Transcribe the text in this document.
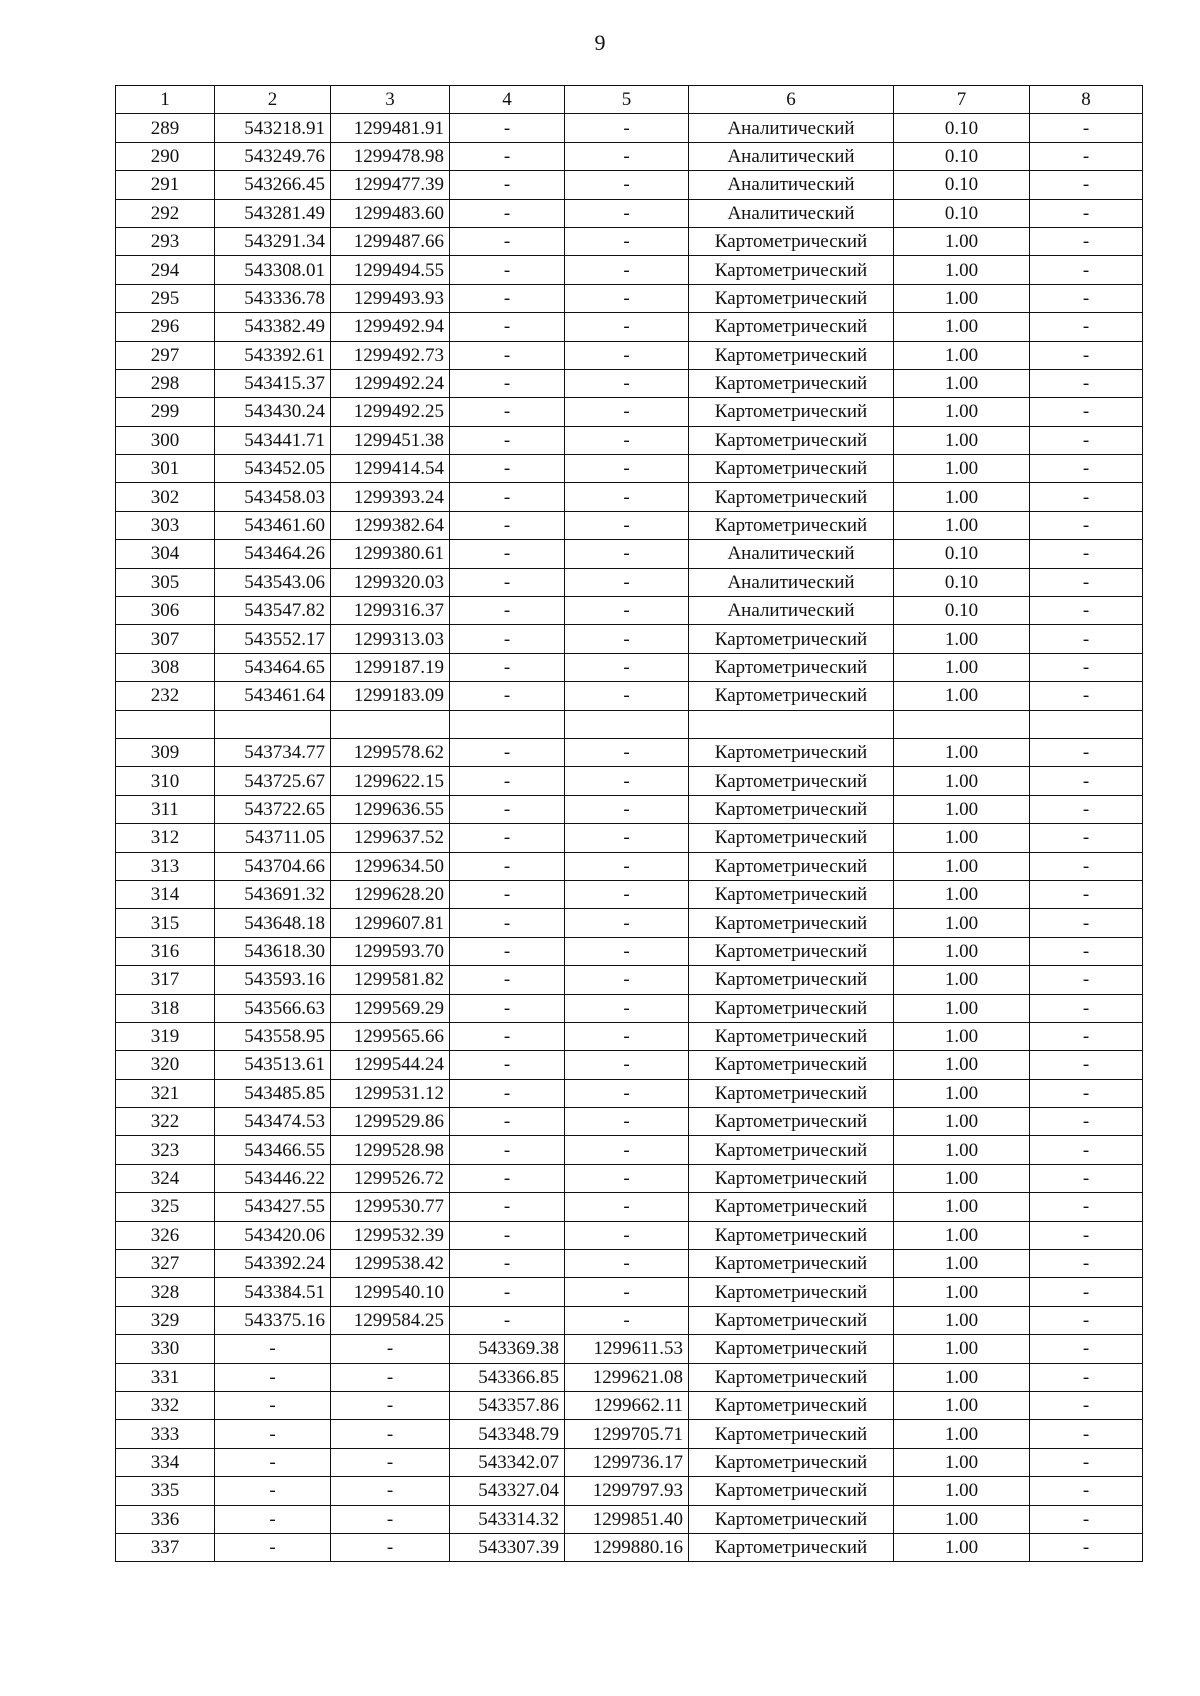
9
1	2	3	4	5	6	7	8
289	543218.91	1299481.91	-	-	Аналитический	0.10	-
290	543249.76	1299478.98	-	-	Аналитический	0.10	-
291	543266.45	1299477.39	-	-	Аналитический	0.10	-
292	543281.49	1299483.60	-	-	Аналитический	0.10	-
293	543291.34	1299487.66	-	-	Картометрический	1.00	-
294	543308.01	1299494.55	-	-	Картометрический	1.00	-
295	543336.78	1299493.93	-	-	Картометрический	1.00	-
296	543382.49	1299492.94	-	-	Картометрический	1.00	-
297	543392.61	1299492.73	-	-	Картометрический	1.00	-
298	543415.37	1299492.24	-	-	Картометрический	1.00	-
299	543430.24	1299492.25	-	-	Картометрический	1.00	-
300	543441.71	1299451.38	-	-	Картометрический	1.00	-
301	543452.05	1299414.54	-	-	Картометрический	1.00	-
302	543458.03	1299393.24	-	-	Картометрический	1.00	-
303	543461.60	1299382.64	-	-	Картометрический	1.00	-
304	543464.26	1299380.61	-	-	Аналитический	0.10	-
305	543543.06	1299320.03	-	-	Аналитический	0.10	-
306	543547.82	1299316.37	-	-	Аналитический	0.10	-
307	543552.17	1299313.03	-	-	Картометрический	1.00	-
308	543464.65	1299187.19	-	-	Картометрический	1.00	-
232	543461.64	1299183.09	-	-	Картометрический	1.00	-

309	543734.77	1299578.62	-	-	Картометрический	1.00	-
310	543725.67	1299622.15	-	-	Картометрический	1.00	-
311	543722.65	1299636.55	-	-	Картометрический	1.00	-
312	543711.05	1299637.52	-	-	Картометрический	1.00	-
313	543704.66	1299634.50	-	-	Картометрический	1.00	-
314	543691.32	1299628.20	-	-	Картометрический	1.00	-
315	543648.18	1299607.81	-	-	Картометрический	1.00	-
316	543618.30	1299593.70	-	-	Картометрический	1.00	-
317	543593.16	1299581.82	-	-	Картометрический	1.00	-
318	543566.63	1299569.29	-	-	Картометрический	1.00	-
319	543558.95	1299565.66	-	-	Картометрический	1.00	-
320	543513.61	1299544.24	-	-	Картометрический	1.00	-
321	543485.85	1299531.12	-	-	Картометрический	1.00	-
322	543474.53	1299529.86	-	-	Картометрический	1.00	-
323	543466.55	1299528.98	-	-	Картометрический	1.00	-
324	543446.22	1299526.72	-	-	Картометрический	1.00	-
325	543427.55	1299530.77	-	-	Картометрический	1.00	-
326	543420.06	1299532.39	-	-	Картометрический	1.00	-
327	543392.24	1299538.42	-	-	Картометрический	1.00	-
328	543384.51	1299540.10	-	-	Картометрический	1.00	-
329	543375.16	1299584.25	-	-	Картометрический	1.00	-
330	-	-	543369.38	1299611.53	Картометрический	1.00	-
331	-	-	543366.85	1299621.08	Картометрический	1.00	-
332	-	-	543357.86	1299662.11	Картометрический	1.00	-
333	-	-	543348.79	1299705.71	Картометрический	1.00	-
334	-	-	543342.07	1299736.17	Картометрический	1.00	-
335	-	-	543327.04	1299797.93	Картометрический	1.00	-
336	-	-	543314.32	1299851.40	Картометрический	1.00	-
337	-	-	543307.39	1299880.16	Картометрический	1.00	-
